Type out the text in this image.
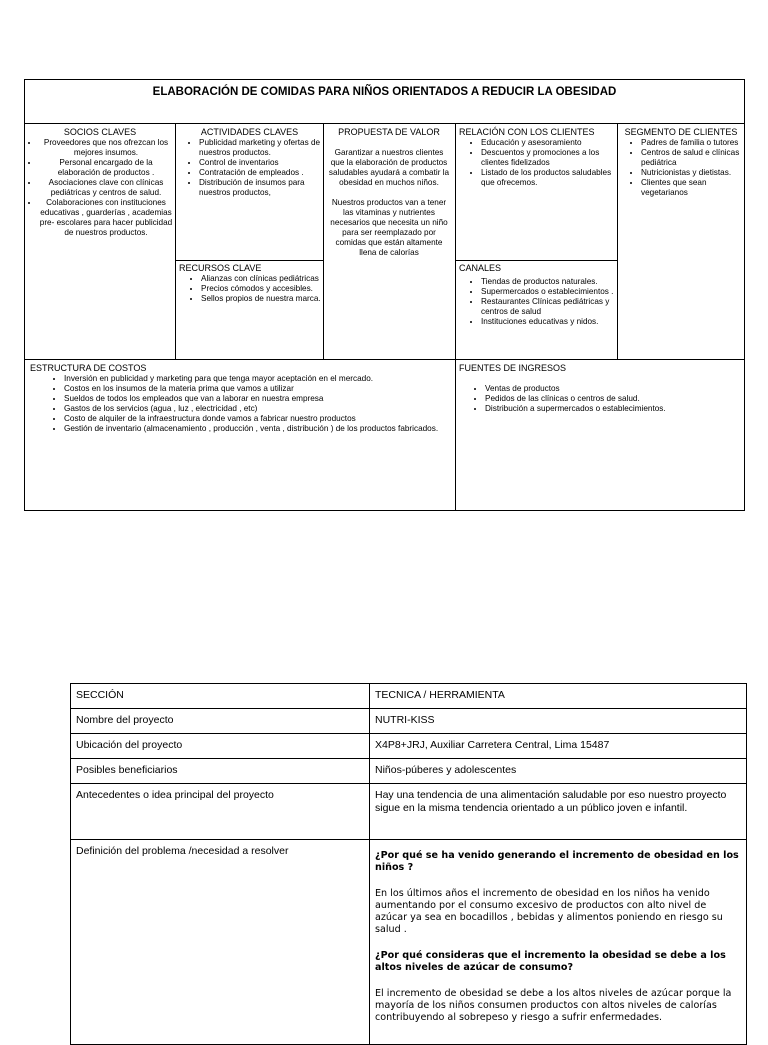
ELABORACIÓN DE COMIDAS PARA NIÑOS ORIENTADOS A REDUCIR LA OBESIDAD
SOCIOS CLAVES
• Proveedores que nos ofrezcan los mejores insumos.
• Personal encargado de la elaboración de productos .
• Asociaciones clave con clínicas pediátricas y centros de salud.
• Colaboraciones con instituciones educativas , guarderías , academias pre- escolares para hacer publicidad de nuestros productos.
ACTIVIDADES CLAVES
• Publicidad marketing y ofertas de nuestros productos.
• Control de inventarios
• Contratación de empleados .
• Distribución de insumos para nuestros productos,
RECURSOS CLAVE
• Alianzas con clínicas pediátricas
• Precios cómodos y accesibles.
• Sellos propios de nuestra marca.
PROPUESTA DE VALOR

Garantizar a nuestros clientes que la elaboración de productos saludables ayudará a combatir la obesidad en muchos niños.

Nuestros productos van a tener las vitaminas y nutrientes necesarios que necesita un niño para ser reemplazado por comidas que están altamente llena de calorías

RELACIÓN CON LOS CLIENTES
• Educación y asesoramiento
• Descuentos y promociones a los clientes fidelizados
• Listado de los productos saludables que ofrecemos.
CANALES
• Tiendas de productos naturales.
• Supermercados o establecimientos .
• Restaurantes Clínicas pediátricas y centros de salud
• Instituciones educativas y nidos.
SEGMENTO DE CLIENTES
• Padres de familia o tutores
• Centros de salud e clínicas pediátrica
• Nutricionistas y dietistas.
• Clientes que sean vegetarianos
ESTRUCTURA DE COSTOS
• Inversión en publicidad y marketing para que tenga mayor aceptación en el mercado.
• Costos en los insumos de la materia prima que vamos a utilizar
• Sueldos de todos los empleados que van a laborar en nuestra empresa
• Gastos de los servicios (agua , luz , electricidad , etc)
• Costo de alquiler de la infraestructura donde vamos a fabricar nuestro productos
• Gestión de inventario (almacenamiento , producción , venta , distribución ) de los productos fabricados.
FUENTES DE INGRESOS
• Ventas de productos
• Pedidos de las clínicas o centros de salud.
• Distribución a supermercados o establecimientos.
SECCIÓN	TECNICA / HERRAMIENTA
Nombre del proyecto	NUTRI-KISS
Ubicación del proyecto	X4P8+JRJ, Auxiliar Carretera Central, Lima 15487
Posibles beneficiarios	Niños-púberes y adolescentes
Antecedentes o idea principal del proyecto	Hay una tendencia de una alimentación saludable por eso nuestro proyecto sigue en la misma tendencia orientado a un público joven e infantil.
Definición del problema /necesidad a resolver	¿Por qué se ha venido generando el incremento de obesidad en los niños ?

En los últimos años el incremento de obesidad en los niños ha venido aumentando por el consumo excesivo de productos con alto nivel de azúcar ya sea en bocadillos , bebidas y alimentos poniendo en riesgo su salud .

¿Por qué consideras que el incremento la obesidad se debe a los altos niveles de azúcar de consumo?

El incremento de obesidad se debe a los altos niveles de azúcar porque la mayoría de los niños consumen productos con altos niveles de calorías contribuyendo al sobrepeso y riesgo a sufrir enfermedades.
